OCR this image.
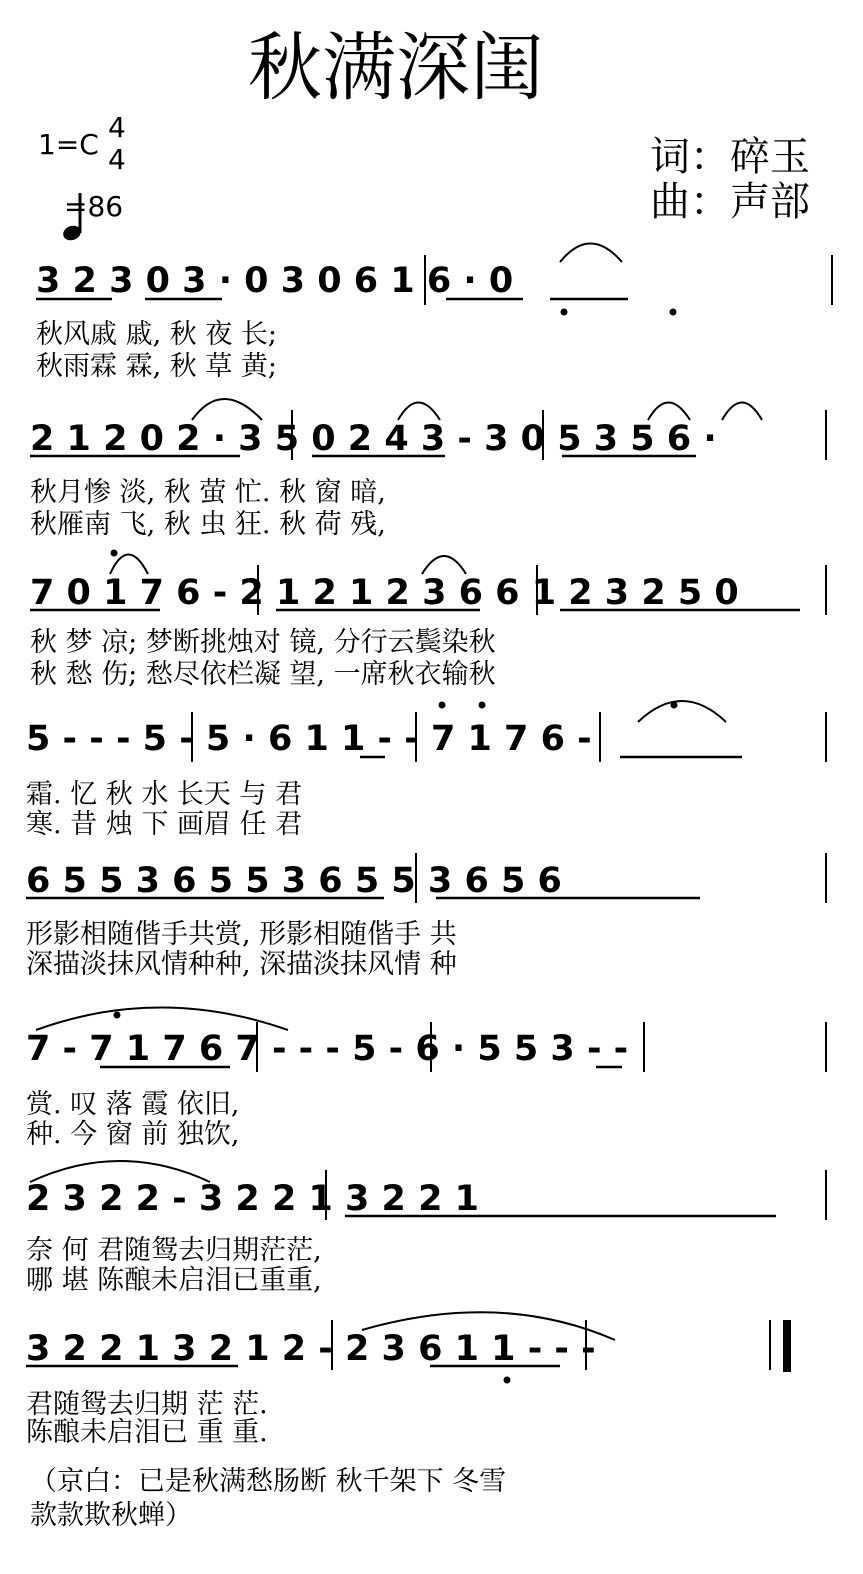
秋满深闺
1=C
4
4

=86
词：碎玉
曲：声部
3 2 3 0 3 · 0 3 0 6 1 6 · 0
秋风戚 戚, 秋 夜 长;
秋雨霖 霖, 秋 草 黄;
2 1 2 0 2 · 3 5 0 2 4 3 - 3 0 5 3 5 6 ·
秋月惨 淡, 秋 萤 忙. 秋 窗 暗,
秋雁南 飞, 秋 虫 狂. 秋 荷 残,
7 0 1 7 6 - 2 1 2 1 2 3 6 6 1 2 3 2 5 0
秋 梦 凉; 梦断挑烛对 镜, 分行云鬓染秋
秋 愁 伤; 愁尽依栏凝 望, 一席秋衣输秋
5 - - - 5 - 5 · 6 1 1 - - 7 1 7 6 -
霜. 忆 秋 水 长天 与 君
寒. 昔 烛 下 画眉 任 君
6 5 5 3 6 5 5 3 6 5 5 3 6 5 6
形影相随偕手共赏, 形影相随偕手 共
深描淡抹风情种种, 深描淡抹风情 种
7 - 7 1 7 6 7 - - - 5 - 6 · 5 5 3 - -
赏. 叹 落 霞 依旧,
种. 今 窗 前 独饮,
2 3 2 2 - 3 2 2 1 3 2 2 1
奈 何 君随鸳去归期茫茫,
哪 堪 陈酿未启泪已重重,
3 2 2 1 3 2 1 2 - 2 3 6 1 1 - - -
君随鸳去归期 茫 茫.
陈酿未启泪已 重 重.
（京白：已是秋满愁肠断 秋千架下 冬雪
款款欺秋蝉）
